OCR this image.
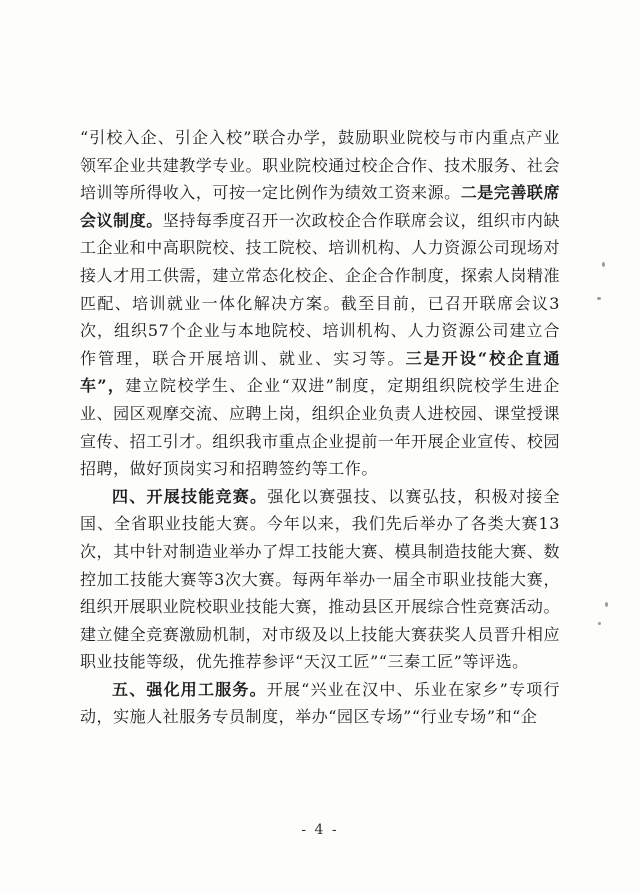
“引校入企、引企入校”联合办学，鼓励职业院校与市内重点产业领军企业共建教学专业。职业院校通过校企合作、技术服务、社会培训等所得收入，可按一定比例作为绩效工资来源。二是完善联席会议制度。坚持每季度召开一次政校企合作联席会议，组织市内缺工企业和中高职院校、技工院校、培训机构、人力资源公司现场对接人才用工供需，建立常态化校企、企企合作制度，探索人岗精准匹配、培训就业一体化解决方案。截至目前，已召开联席会议3次，组织57个企业与本地院校、培训机构、人力资源公司建立合作管理，联合开展培训、就业、实习等。三是开设“校企直通车”，建立院校学生、企业“双进”制度，定期组织院校学生进企业、园区观摩交流、应聘上岗，组织企业负责人进校园、课堂授课宣传、招工引才。组织我市重点企业提前一年开展企业宣传、校园招聘，做好顶岗实习和招聘签约等工作。

四、开展技能竞赛。强化以赛强技、以赛弘技，积极对接全国、全省职业技能大赛。今年以来，我们先后举办了各类大赛13次，其中针对制造业举办了焊工技能大赛、模具制造技能大赛、数控加工技能大赛等3次大赛。每两年举办一届全市职业技能大赛，组织开展职业院校职业技能大赛，推动县区开展综合性竞赛活动。建立健全竞赛激励机制，对市级及以上技能大赛获奖人员晋升相应职业技能等级，优先推荐参评“天汉工匠”“三秦工匠”等评选。

五、强化用工服务。开展“兴业在汉中、乐业在家乡”专项行动，实施人社服务专员制度，举办“园区专场”“行业专场”和“企

- 4 -
